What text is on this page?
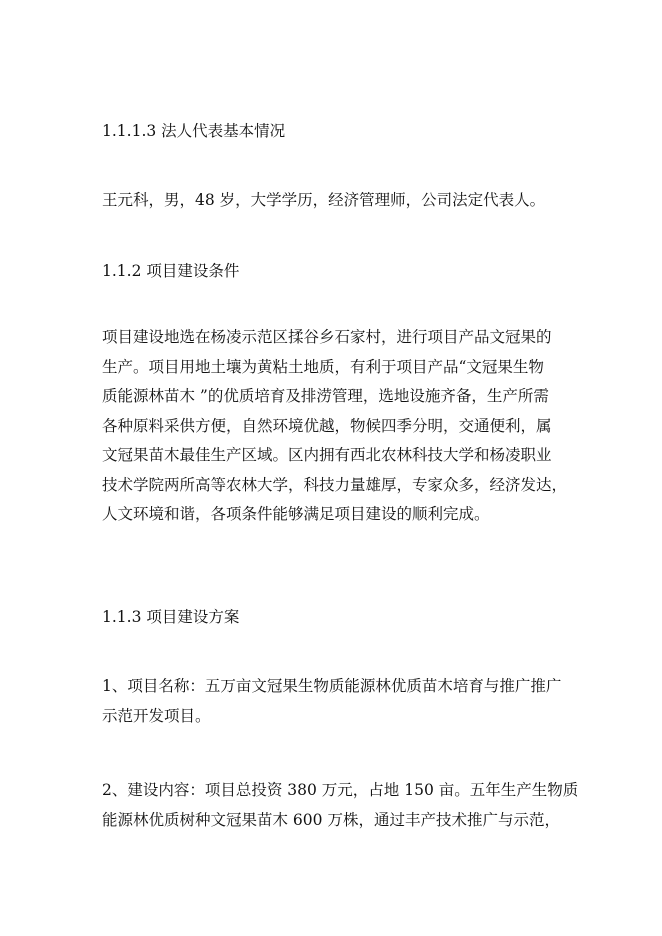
1.1.1.3 法人代表基本情况

王元科，男，48 岁，大学学历，经济管理师，公司法定代表人。

1.1.2 项目建设条件

项目建设地选在杨凌示范区揉谷乡石家村，进行项目产品文冠果的
生产。项目用地土壤为黄粘土地质，有利于项目产品“文冠果生物
质能源林苗木 ”的优质培育及排涝管理，选地设施齐备，生产所需
各种原料采供方便，自然环境优越，物候四季分明，交通便利，属
文冠果苗木最佳生产区域。区内拥有西北农林科技大学和杨凌职业
技术学院两所高等农林大学，科技力量雄厚，专家众多，经济发达，
人文环境和谐，各项条件能够满足项目建设的顺利完成。

1.1.3 项目建设方案

1、项目名称：五万亩文冠果生物质能源林优质苗木培育与推广推广
示范开发项目。
2、建设内容：项目总投资 380 万元，占地 150 亩。五年生产生物质
能源林优质树种文冠果苗木 600 万株，通过丰产技术推广与示范，
